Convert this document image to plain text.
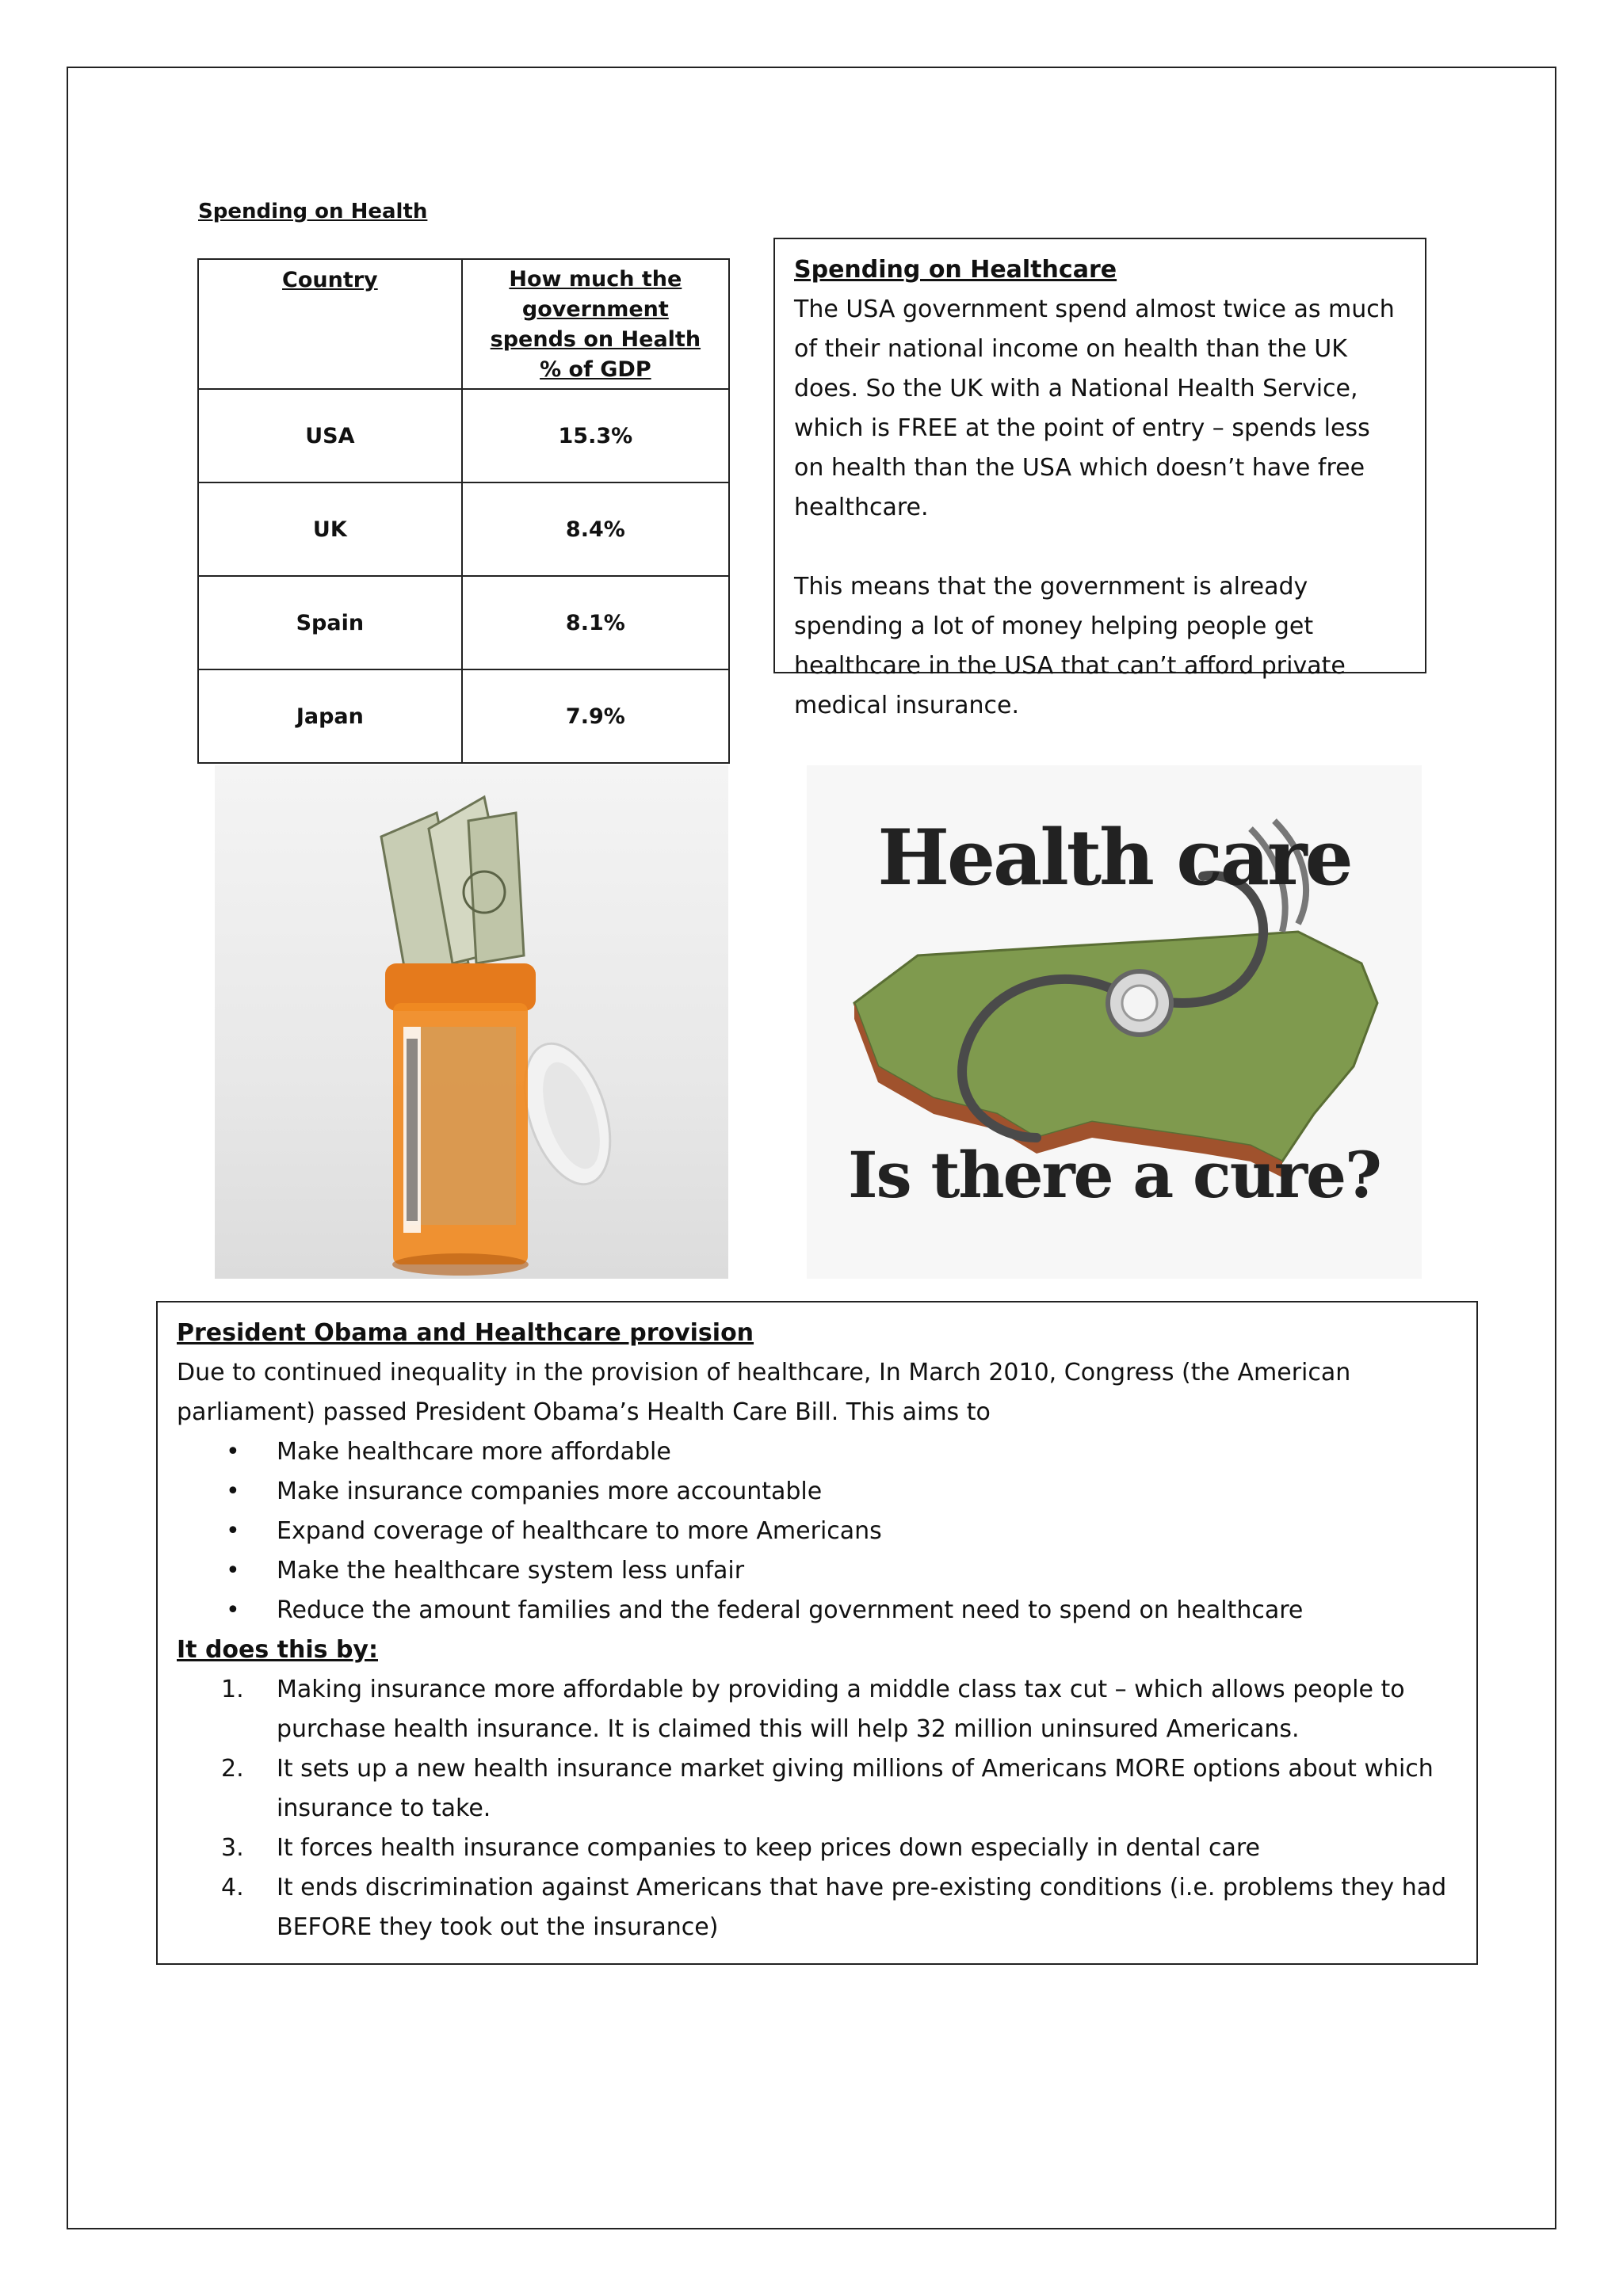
Spending on Health
Country	How much the government spends on Health % of GDP
USA	15.3%
UK	8.4%
Spain	8.1%
Japan	7.9%

Spending on Healthcare

The USA government spend almost twice as much of their national income on health than the UK does. So the UK with a National Health Service, which is FREE at the point of entry – spends less on health than the USA which doesn’t have free healthcare.

This means that the government is already spending a lot of money helping people get healthcare in the USA that can’t afford private medical insurance.

Health care
Is there a cure?

President Obama and Healthcare provision

Due to continued inequality in the provision of healthcare, In March 2010, Congress (the American parliament) passed President Obama’s Health Care Bill. This aims to

• Make healthcare more affordable
• Make insurance companies more accountable
• Expand coverage of healthcare to more Americans
• Make the healthcare system less unfair
• Reduce the amount families and the federal government need to spend on healthcare

It does this by:

1. Making insurance more affordable by providing a middle class tax cut – which allows people to purchase health insurance. It is claimed this will help 32 million uninsured Americans.
2. It sets up a new health insurance market giving millions of Americans MORE options about which insurance to take.
3. It forces health insurance companies to keep prices down especially in dental care
4. It ends discrimination against Americans that have pre-existing conditions (i.e. problems they had BEFORE they took out the insurance)
